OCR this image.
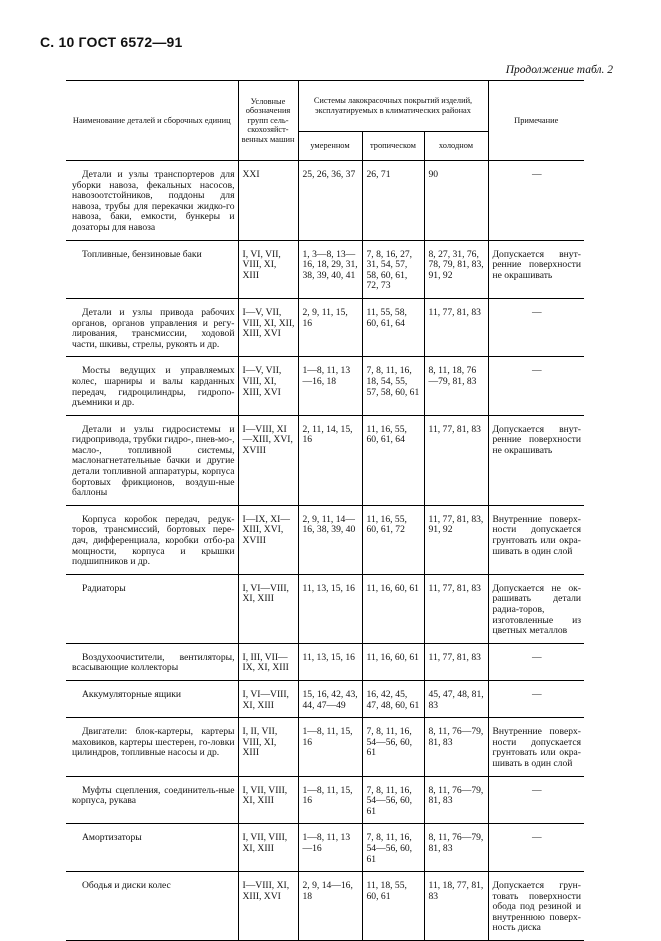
С. 10 ГОСТ 6572—91
Продолжение табл. 2
Наименование деталей и сборочных единиц	Условные обозначения групп сель-скохозяйст-венных машин	Системы лакокрасочных покрытий изделий, эксплуатируемых в климатических районах			Примечание
		умеренном	тропическом	холодном	

Детали и узлы транспортеров для уборки навоза, фекальных насосов, навозоотстойников, поддоны для навоза, трубы для перекачки жидко-го навоза, баки, емкости, бункеры и дозаторы для навоза	XXI	25, 26, 36, 37	26, 71	90	—

Топливные, бензиновые баки	I, VI, VII, VIII, XI, XIII	1, 3—8, 13—16, 18, 29, 31, 38, 39, 40, 41	7, 8, 16, 27, 31, 54, 57, 58, 60, 61, 72, 73	8, 27, 31, 76, 78, 79, 81, 83, 91, 92	Допускается внут-ренние поверхности не окрашивать

Детали и узлы привода рабочих органов, органов управления и регу-лирования, трансмиссии, ходовой части, шкивы, стрелы, рукоять и др.	I—V, VII, VIII, XI, XII, XIII, XVI	2, 9, 11, 15, 16	11, 55, 58, 60, 61, 64	11, 77, 81, 83	—

Мосты ведущих и управляемых колес, шарниры и валы карданных передач, гидроцилиндры, гидропо-дъемники и др.	I—V, VII, VIII, XI, XIII, XVI	1—8, 11, 13—16, 18	7, 8, 11, 16, 18, 54, 55, 57, 58, 60, 61	8, 11, 18, 76—79, 81, 83	—

Детали и узлы гидросистемы и гидропривода, трубки гидро-, пнев-мо-, масло-, топливной системы, маслонагнетательные бачки и другие детали топливной аппаратуры, корпуса бортовых фрикционов, воздуш-ные баллоны	I—VIII, XI—XIII, XVI, XVIII	2, 11, 14, 15, 16	11, 16, 55, 60, 61, 64	11, 77, 81, 83	Допускается внут-ренние поверхности не окрашивать

Корпуса коробок передач, редук-торов, трансмиссий, бортовых пере-дач, дифференциала, коробки отбо-ра мощности, корпуса и крышки подшипников и др.	I—IX, XI—XIII, XVI, XVIII	2, 9, 11, 14—16, 38, 39, 40	11, 16, 55, 60, 61, 72	11, 77, 81, 83, 91, 92	Внутренние поверх-ности допускается грунтовать или окра-шивать в один слой

Радиаторы	I, VI—VIII, XI, XIII	11, 13, 15, 16	11, 16, 60, 61	11, 77, 81, 83	Допускается не ок-рашивать детали радиа-торов, изготовленные из цветных металлов

Воздухоочистители, вентиляторы, всасывающие коллекторы	I, III, VII—IX, XI, XIII	11, 13, 15, 16	11, 16, 60, 61	11, 77, 81, 83	—

Аккумуляторные ящики	I, VI—VIII, XI, XIII	15, 16, 42, 43, 44, 47—49	16, 42, 45, 47, 48, 60, 61	45, 47, 48, 81, 83	—

Двигатели: блок-картеры, картеры маховиков, картеры шестерен, го-ловки цилиндров, топливные насосы и др.	I, II, VII, VIII, XI, XIII	1—8, 11, 15, 16	7, 8, 11, 16, 54—56, 60, 61	8, 11, 76—79, 81, 83	Внутренние поверх-ности допускается грунтовать или окра-шивать в один слой

Муфты сцепления, соединитель-ные корпуса, рукава	I, VII, VIII, XI, XIII	1—8, 11, 15, 16	7, 8, 11, 16, 54—56, 60, 61	8, 11, 76—79, 81, 83	—

Амортизаторы	I, VII, VIII, XI, XIII	1—8, 11, 13—16	7, 8, 11, 16, 54—56, 60, 61	8, 11, 76—79, 81, 83	—

Ободья и диски колес	I—VIII, XI, XIII, XVI	2, 9, 14—16, 18	11, 18, 55, 60, 61	11, 18, 77, 81, 83	Допускается грун-товать поверхности обода под резиной и внутреннюю поверх-ность диска
